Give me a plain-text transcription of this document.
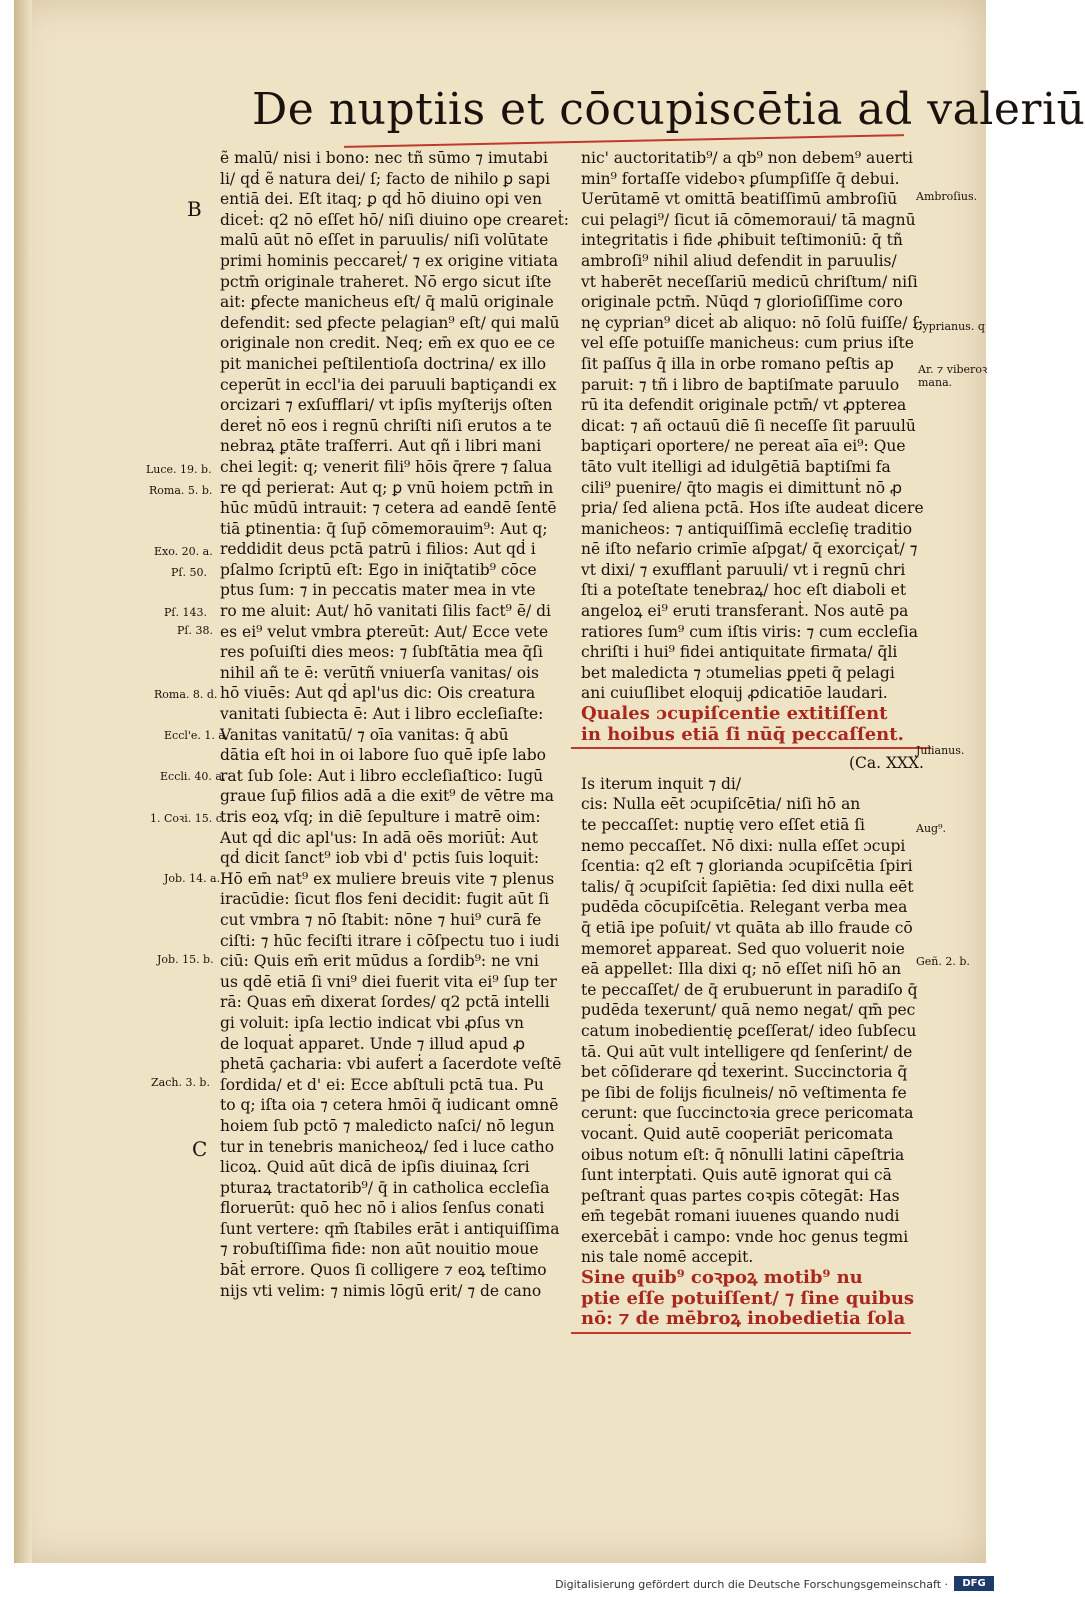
De nuptiis et cōcupiscētia ad valeriū
ẽ malū/ nisi i bono: nec tñ sūmo ⁊ imutabi
li/ qḋ ẽ natura dei/ ſ; facto de nihilo ꝑ sapi
entiā dei. Eſt itaq; ꝑ qḋ hō diuino opi ven
diceṫ: q2 nō eſſet hō/ niſi diuino ope creareṫ:
malū aūt nō eſſet in paruulis/ niſi volūtate
primi hominis peccareṫ/ ⁊ ex origine vitiata
pctm̄ originale traheret. Nō ergo sicut iſte
ait: ꝑfecte manicheus eſt/ q̄ malū originale
defendit: sed ꝑfecte pelagian⁹ eſt/ qui malū
originale non credit. Neq; em̄ ex quo ee ce
pit manichei peſtilentioſa doctrina/ ex illo
ceperūt in eccl'ia dei paruuli baptiçandi ex
orcizari ⁊ exſufflari/ vt ipſis myſterijs oſten
dereṫ nō eos i regnū chriſti niſi erutos a te
nebraꝝ ꝑtāte traſferri. Aut qñ i libri mani
chei legiṫ: q; venerit fili⁹ hōis q̄rere ⁊ ſalua
re qḋ perierat: Aut q; ꝑ vnū hoiem pctm̄ in
hūc mūdū intrauit: ⁊ cetera ad eandē ſentē
tiā ꝑtinentia: q̄ ſup̄ cōmemorauim⁹: Aut q;
reddidit deus pctā patrū i filios: Aut qḋ i
pſalmo ſcriptū eſt: Ego in iniq̄tatib⁹ cōce
ptus ſum: ⁊ in peccatis mater mea in vte
ro me aluit: Aut/ hō vanitati ſilis fact⁹ ē/ di
es ei⁹ velut vmbra ꝑtereūt: Aut/ Ecce vete
res poſuiſti dies meos: ⁊ ſubſtātia mea q̄ſi
nihil añ te ē: verūtñ vniuerſa vanitas/ ois
hō viuēs: Aut qḋ apl'us dic: Ois creatura
vanitati ſubiecta ē: Aut i libro eccleſiaſte:
Vanitas vanitatū/ ⁊ oīa vanitas: q̄ abū
dātia eſt hoi in oi labore ſuo quē ipſe labo
rat ſub ſole: Aut i libro eccleſiaſtico: Iugū
graue ſup̄ filios adā a die exit⁹ de vētre ma
tris eoꝝ vſq; in diē ſepulture i matrē oim:
Aut qḋ dic apl'us: In adā oēs moriūṫ: Aut
qḋ dicit ſanct⁹ iob vbi d' pctis ſuis loquiṫ:
Hō em̄ nat⁹ ex muliere breuis vite ⁊ plenus
iracūdie: ſicut flos feni decidit: fugit aūt ſi
cut vmbra ⁊ nō ſtabit: nōne ⁊ hui⁹ curā fe
ciſti: ⁊ hūc feciſti itrare i cōſpectu tuo i iudi
ciū: Quis em̄ erit mūdus a ſordib⁹: ne vni
us qdē etiā ſi vni⁹ diei fuerit vita ei⁹ ſup ter
rā: Quas em̄ dixerat ſordes/ q2 pctā intelli
gi voluit: ipſa lectio indicat vbi ꝓſus vn
de loquaṫ apparet. Unde ⁊ illud apud ꝓ
phetā çacharia: vbi auferṫ a ſacerdote veſtē
ſordida/ et d' ei: Ecce abſtuli pctā tua. Pu
to q; iſta oia ⁊ cetera hmōi q̄ iudicant omnē
hoiem ſub pctō ⁊ maledicto naſci/ nō legun
tur in tenebris manicheoꝝ/ ſed i luce catho
licoꝝ. Quid aūt dicā de ipſis diuinaꝝ ſcri
pturaꝝ tractatorib⁹/ q̄ in catholica eccleſia
floruerūt: quō hec nō i alios ſenſus conati
ſunt vertere: qm̄ ſtabiles erāt i antiquiſſima
⁊ robuſtiſſima fide: non aūt nouitio moue
bāṫ errore. Quos ſi colligere ⁊ eoꝝ teſtimo
nijs vti velim: ⁊ nimis lōgū erit/ ⁊ de cano
nic' auctoritatib⁹/ a qb⁹ non debem⁹ auerti
min⁹ fortaſſe videboꝛ ꝑſumpſiſſe q̄ debui.
Uerūtamē vt omittā beatiſſimū ambroſiū
cui pelagi⁹/ ſicut iā cōmemoraui/ tā magnū
integritatis i fide ꝓhibuit teſtimoniū: q̄ tñ
ambroſi⁹ nihil aliud defendit in paruulis/
vt haberēt neceſſariū medicū chriſtum/ niſi
originale pctm̄. Nūqd ⁊ glorioſiſſime coro
nę cyprian⁹ diceṫ ab aliquo: nō ſolū fuiſſe/ ſ;
vel eſſe potuiſſe manicheus: cum prius iſte
ſit paſſus q̄ illa in orbe romano peſtis ap
paruit: ⁊ tñ i libro de baptiſmate paruulo
rū ita defendit originale pctm̄/ vt ꝓpterea
dicat: ⁊ añ octauū diē ſi neceſſe ſit paruulū
baptiçari oportere/ ne pereat aīa ei⁹: Que
tāto vult itelligi ad idulgētiā baptiſmi fa
cili⁹ puenire/ q̄to magis ei dimittunṫ nō ꝓ
pria/ ſed aliena pctā. Hos iſte audeat dicere
manicheos: ⁊ antiquiſſimā eccleſię traditio
nē iſto nefario crimīe aſpgat/ q̄ exorciçaṫ/ ⁊
vt dixi/ ⁊ exufflanṫ paruuli/ vt i regnū chri
ſti a poteſtate tenebraꝝ/ hoc eſt diaboli et
angeloꝝ ei⁹ eruti transferanṫ. Nos autē pa
ratiores ſum⁹ cum iſtis viris: ⁊ cum eccleſia
chriſti i hui⁹ fidei antiquitate firmata/ q̄li
bet maledicta ⁊ ɔtumelias ꝑpeti q̄ pelagi
ani cuiuſlibet eloquij ꝓdicatiōe laudari.
Quales ɔcupiſcentie extitiſſent
in hoibus etiā ſi nūq̄ peccaſſent.
(Ca. XXX.
Is iterum inquit ⁊ di/
cis: Nulla eēt ɔcupiſcētia/ niſi hō an
te peccaſſet: nuptię vero eſſet etiā ſi
nemo peccaſſet. Nō dixi: nulla eſſet ɔcupi
ſcentia: q2 eſt ⁊ glorianda ɔcupiſcētia ſpiri
talis/ q̄ ɔcupiſciṫ ſapiētia: ſed dixi nulla eēt
pudēda cōcupiſcētia. Relegant verba mea
q̄ etiā ipe poſuit/ vt quāta ab illo fraude cō
memoreṫ appareat. Sed quo voluerit noie
eā appellet: Illa dixi q; nō eſſet niſi hō an
te peccaſſet/ de q̄ erubuerunt in paradiſo q̄
pudēda texerunt/ quā nemo negat/ qm̄ pec
catum inobedientię ꝑceſſerat/ ideo ſubſecu
tā. Qui aūt vult intelligere qd ſenſerint/ de
bet cōſiderare qḋ texerint. Succinctoria q̄
pe ſibi de folijs ficulneis/ nō veſtimenta fe
cerunt: que ſuccinctoꝛia grece pericomata
vocanṫ. Quid autē cooperiāt pericomata
oibus notum eſt: q̄ nōnulli latini cāpeſtria
ſunt interpṫati. Quis autē ignorat qui cā
peſtranṫ quas partes coꝛpis cōtegāt: Has
em̄ tegebāt romani iuuenes quando nudi
exercebāṫ i campo: vnde hoc genus tegmi
nis tale nomē accepit.
Sine quib⁹ coꝛpoꝝ motib⁹ nu
ptie eſſe potuiſſent/ ⁊ ſine quibus
nō: ⁊ de mēbroꝝ inobedietia ſola
Luce. 19. b.
Roma. 5. b.
Exo. 20. a.
Pſ. 50.
Pſ. 143.
Pſ. 38.
Roma. 8. d.
Eccl'e. 1. a.
Eccli. 40. a.
1. Coꝛi. 15. c.
Job. 14. a.
Job. 15. b.
Zach. 3. b.
B
C
Ambroſius.
Cyprianus. q
Ar. ⁊ viberoꝛ
mana.
Julianus.
Aug⁹.
Geñ. 2. b.
Digitalisierung gefördert durch die Deutsche Forschungsgemeinschaft ·	DFG
